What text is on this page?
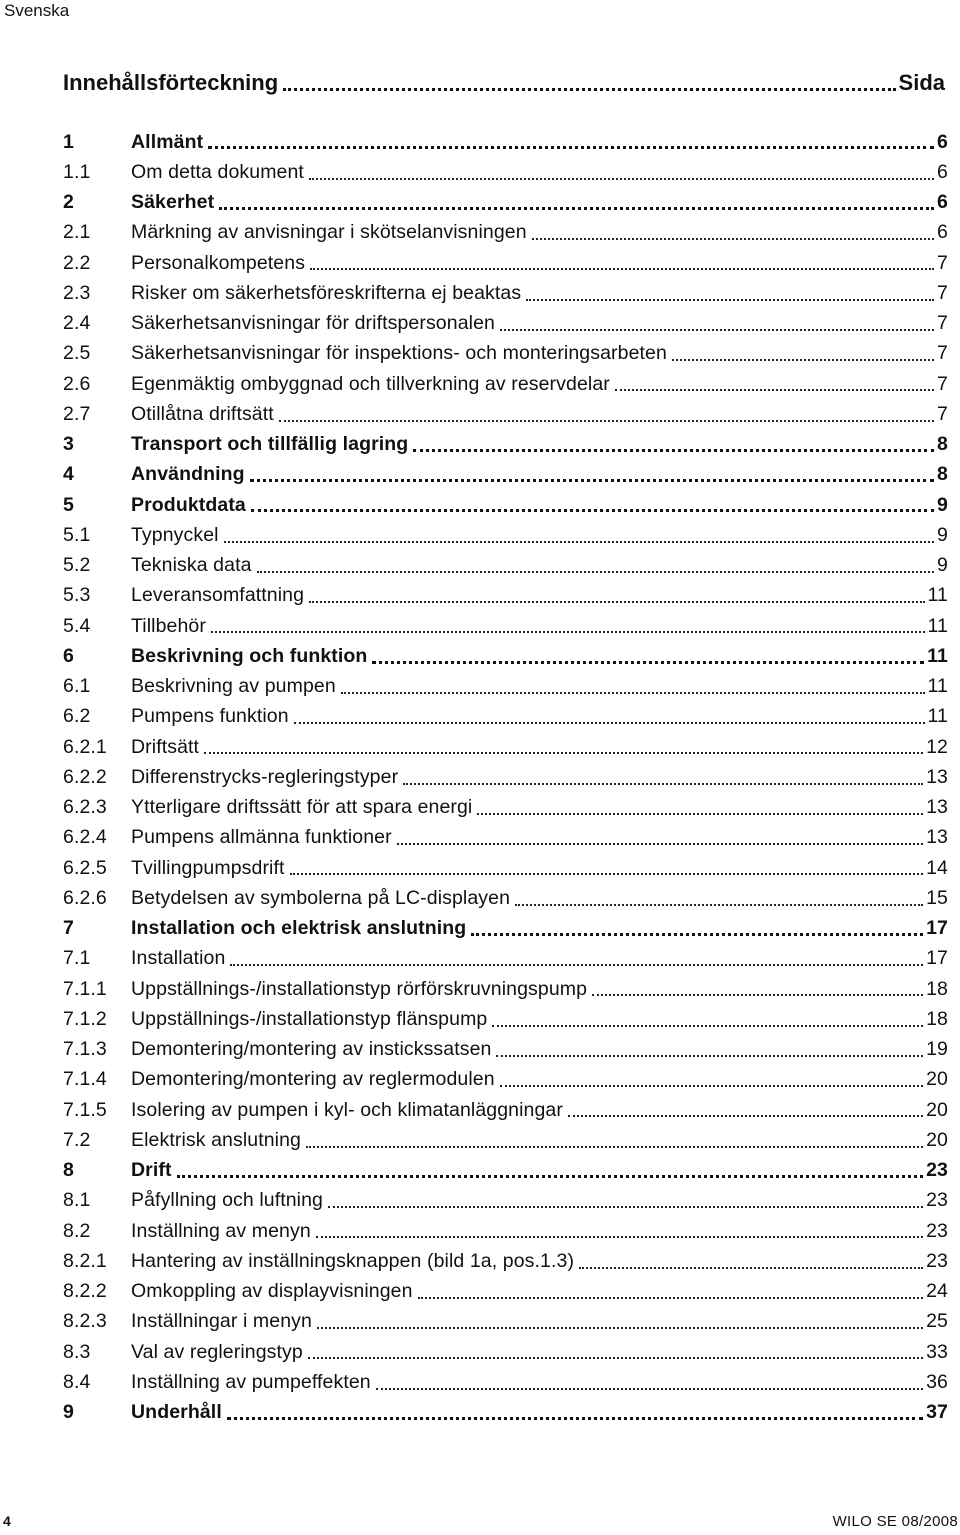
Svenska
Innehållsförteckning	Sida
1	Allmänt	6
1.1	Om detta dokument	6
2	Säkerhet	6
2.1	Märkning av anvisningar i skötselanvisningen	6
2.2	Personalkompetens	7
2.3	Risker om säkerhetsföreskrifterna ej beaktas	7
2.4	Säkerhetsanvisningar för driftspersonalen	7
2.5	Säkerhetsanvisningar för inspektions- och monteringsarbeten	7
2.6	Egenmäktig ombyggnad och tillverkning av reservdelar	7
2.7	Otillåtna driftsätt	7
3	Transport och tillfällig lagring	8
4	Användning	8
5	Produktdata	9
5.1	Typnyckel	9
5.2	Tekniska data	9
5.3	Leveransomfattning	11
5.4	Tillbehör	11
6	Beskrivning och funktion	11
6.1	Beskrivning av pumpen	11
6.2	Pumpens funktion	11
6.2.1	Driftsätt	12
6.2.2	Differenstrycks-regleringstyper	13
6.2.3	Ytterligare driftssätt för att spara energi	13
6.2.4	Pumpens allmänna funktioner	13
6.2.5	Tvillingpumpsdrift	14
6.2.6	Betydelsen av symbolerna på LC-displayen	15
7	Installation och elektrisk anslutning	17
7.1	Installation	17
7.1.1	Uppställnings-/installationstyp rörförskruvningspump	18
7.1.2	Uppställnings-/installationstyp flänspump	18
7.1.3	Demontering/montering av instickssatsen	19
7.1.4	Demontering/montering av reglermodulen	20
7.1.5	Isolering av pumpen i kyl- och klimatanläggningar	20
7.2	Elektrisk anslutning	20
8	Drift	23
8.1	Påfyllning och luftning	23
8.2	Inställning av menyn	23
8.2.1	Hantering av inställningsknappen (bild 1a, pos.1.3)	23
8.2.2	Omkoppling av displayvisningen	24
8.2.3	Inställningar i menyn	25
8.3	Val av regleringstyp	33
8.4	Inställning av pumpeffekten	36
9	Underhåll	37
4	WILO SE 08/2008
